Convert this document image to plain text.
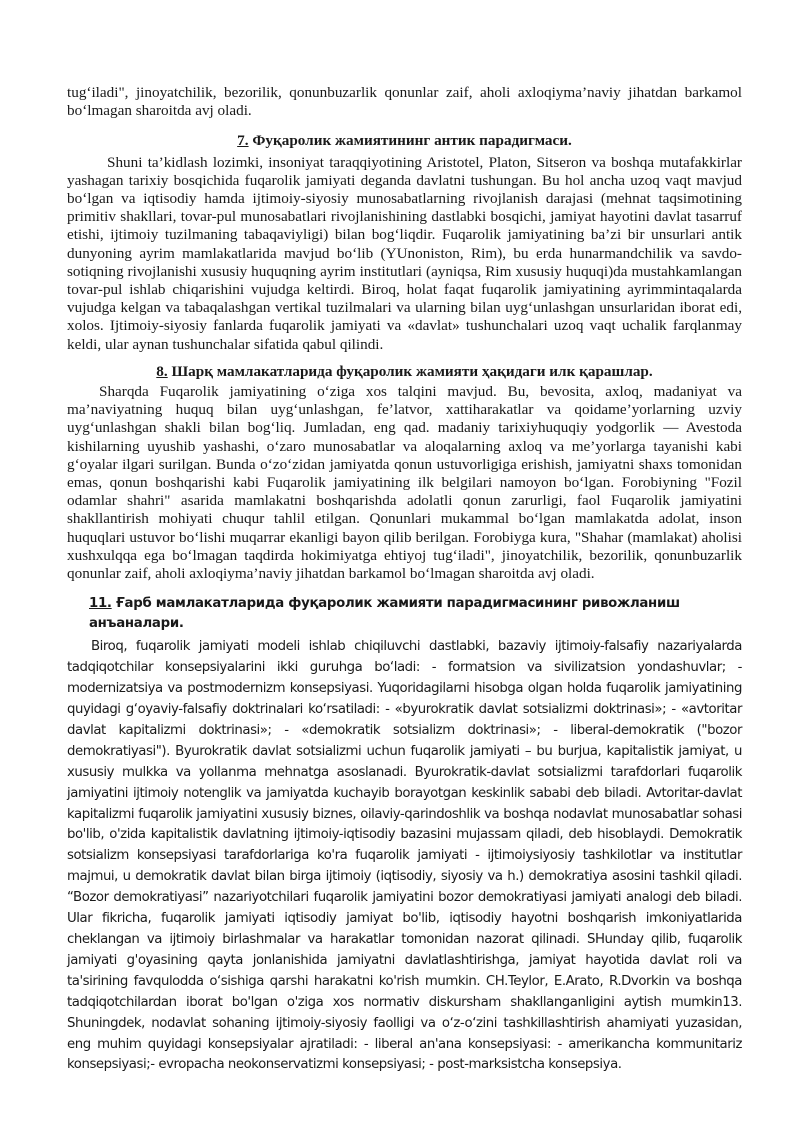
tug‘iladi", jinoyatchilik, bezorilik, qonunbuzarlik qonunlar zaif, aholi axloqiyma’naviy jihatdan barkamol bo‘lmagan sharoitda avj oladi.

7. Фуқаролик жамиятининг антик парадигмаси.

Shuni ta’kidlash lozimki, insoniyat taraqqiyotining Aristotel, Platon, Sitseron va boshqa mutafakkirlar yashagan tarixiy bosqichida fuqarolik jamiyati deganda davlatni tushungan. Bu hol ancha uzoq vaqt mavjud bo‘lgan va iqtisodiy hamda ijtimoiy-siyosiy munosabatlarning rivojlanish darajasi (mehnat taqsimotining primitiv shakllari, tovar-pul munosabatlari rivojlanishining dastlabki bosqichi, jamiyat hayotini davlat tasarruf etishi, ijtimoiy tuzilmaning tabaqaviyligi) bilan bog‘liqdir. Fuqarolik jamiyatining ba’zi bir unsurlari antik dunyoning ayrim mamlakatlarida mavjud bo‘lib (YUnoniston, Rim), bu erda hunarmandchilik va savdo-sotiqning rivojlanishi xususiy huquqning ayrim institutlari (ayniqsa, Rim xususiy huquqi)da mustahkamlangan tovar-pul ishlab chiqarishini vujudga keltirdi. Biroq, holat faqat fuqarolik jamiyatining ayrimmintaqalarda vujudga kelgan va tabaqalashgan vertikal tuzilmalari va ularning bilan uyg‘unlashgan unsurlaridan iborat edi, xolos. Ijtimoiy-siyosiy fanlarda fuqarolik jamiyati va «davlat» tushunchalari uzoq vaqt uchalik farqlanmay keldi, ular aynan tushunchalar sifatida qabul qilindi.

8. Шарқ мамлакатларида фуқаролик жамияти ҳақидаги илк қарашлар.

Sharqda Fuqarolik jamiyatining o‘ziga xos talqini mavjud. Bu, bevosita, axloq, madaniyat va ma’naviyatning huquq bilan uyg‘unlashgan, fe’latvor, xattiharakatlar va qoidame’yorlarning uzviy uyg‘unlashgan shakli bilan bog‘liq. Jumladan, eng qad. madaniy tarixiyhuquqiy yodgorlik — Avestoda kishilarning uyushib yashashi, o‘zaro munosabatlar va aloqalarning axloq va me’yorlarga tayanishi kabi g‘oyalar ilgari surilgan. Bunda o‘zo‘zidan jamiyatda qonun ustuvorligiga erishish, jamiyatni shaxs tomonidan emas, qonun boshqarishi kabi Fuqarolik jamiyatining ilk belgilari namoyon bo‘lgan. Forobiyning "Fozil odamlar shahri" asarida mamlakatni boshqarishda adolatli qonun zarurligi, faol Fuqarolik jamiyatini shakllantirish mohiyati chuqur tahlil etilgan. Qonunlari mukammal bo‘lgan mamlakatda adolat, inson huquqlari ustuvor bo‘lishi muqarrar ekanligi bayon qilib berilgan. Forobiyga kura, "Shahar (mamlakat) aholisi xushxulqqa ega bo‘lmagan taqdirda hokimiyatga ehtiyoj tug‘iladi", jinoyatchilik, bezorilik, qonunbuzarlik qonunlar zaif, aholi axloqiyma’naviy jihatdan barkamol bo‘lmagan sharoitda avj oladi.

11. Ғарб мамлакатларида фуқаролик жамияти парадигмасининг ривожланиш анъаналари.

Biroq, fuqarolik jamiyati modeli ishlab chiqiluvchi dastlabki, bazaviy ijtimoiy-falsafiy nazariyalarda tadqiqotchilar konsepsiyalarini ikki guruhga bo‘ladi: - formatsion va sivilizatsion yondashuvlar; - modernizatsiya va postmodernizm konsepsiyasi. Yuqoridagilarni hisobga olgan holda fuqarolik jamiyatining quyidagi g‘oyaviy-falsafiy doktrinalari ko‘rsatiladi: - «byurokratik davlat sotsializmi doktrinasi»; - «avtoritar davlat kapitalizmi doktrinasi»; - «demokratik sotsializm doktrinasi»; - liberal-demokratik ("bozor demokratiyasi"). Byurokratik davlat sotsializmi uchun fuqarolik jamiyati – bu burjua, kapitalistik jamiyat, u xususiy mulkka va yollanma mehnatga asoslanadi. Byurokratik-davlat sotsializmi tarafdorlari fuqarolik jamiyatini ijtimoiy notenglik va jamiyatda kuchayib borayotgan keskinlik sababi deb biladi. Avtoritar-davlat kapitalizmi fuqarolik jamiyatini xususiy biznes, oilaviy-qarindoshlik va boshqa nodavlat munosabatlar sohasi bo'lib, o'zida kapitalistik davlatning ijtimoiy-iqtisodiy bazasini mujassam qiladi, deb hisoblaydi. Demokratik sotsializm konsepsiyasi tarafdorlariga ko'ra fuqarolik jamiyati - ijtimoiysiyosiy tashkilotlar va institutlar majmui, u demokratik davlat bilan birga ijtimoiy (iqtisodiy, siyosiy va h.) demokratiya asosini tashkil qiladi. “Bozor demokratiyasi” nazariyotchilari fuqarolik jamiyatini bozor demokratiyasi jamiyati analogi deb biladi. Ular fikricha, fuqarolik jamiyati iqtisodiy jamiyat bo'lib, iqtisodiy hayotni boshqarish imkoniyatlarida cheklangan va ijtimoiy birlashmalar va harakatlar tomonidan nazorat qilinadi. SHunday qilib, fuqarolik jamiyati g'oyasining qayta jonlanishida jamiyatni davlatlashtirishga, jamiyat hayotida davlat roli va ta'sirining favqulodda o‘sishiga qarshi harakatni ko'rish mumkin. CH.Teylor, E.Arato, R.Dvorkin va boshqa tadqiqotchilardan iborat bo'lgan o'ziga xos normativ diskursham shakllanganligini aytish mumkin13. Shuningdek, nodavlat sohaning ijtimoiy-siyosiy faolligi va o‘z-o‘zini tashkillashtirish ahamiyati yuzasidan, eng muhim quyidagi konsepsiyalar ajratiladi: - liberal an'ana konsepsiyasi: - amerikancha kommunitariz konsepsiyasi;- evropacha neokonservatizmi konsepsiyasi; - post-marksistcha konsepsiya.
